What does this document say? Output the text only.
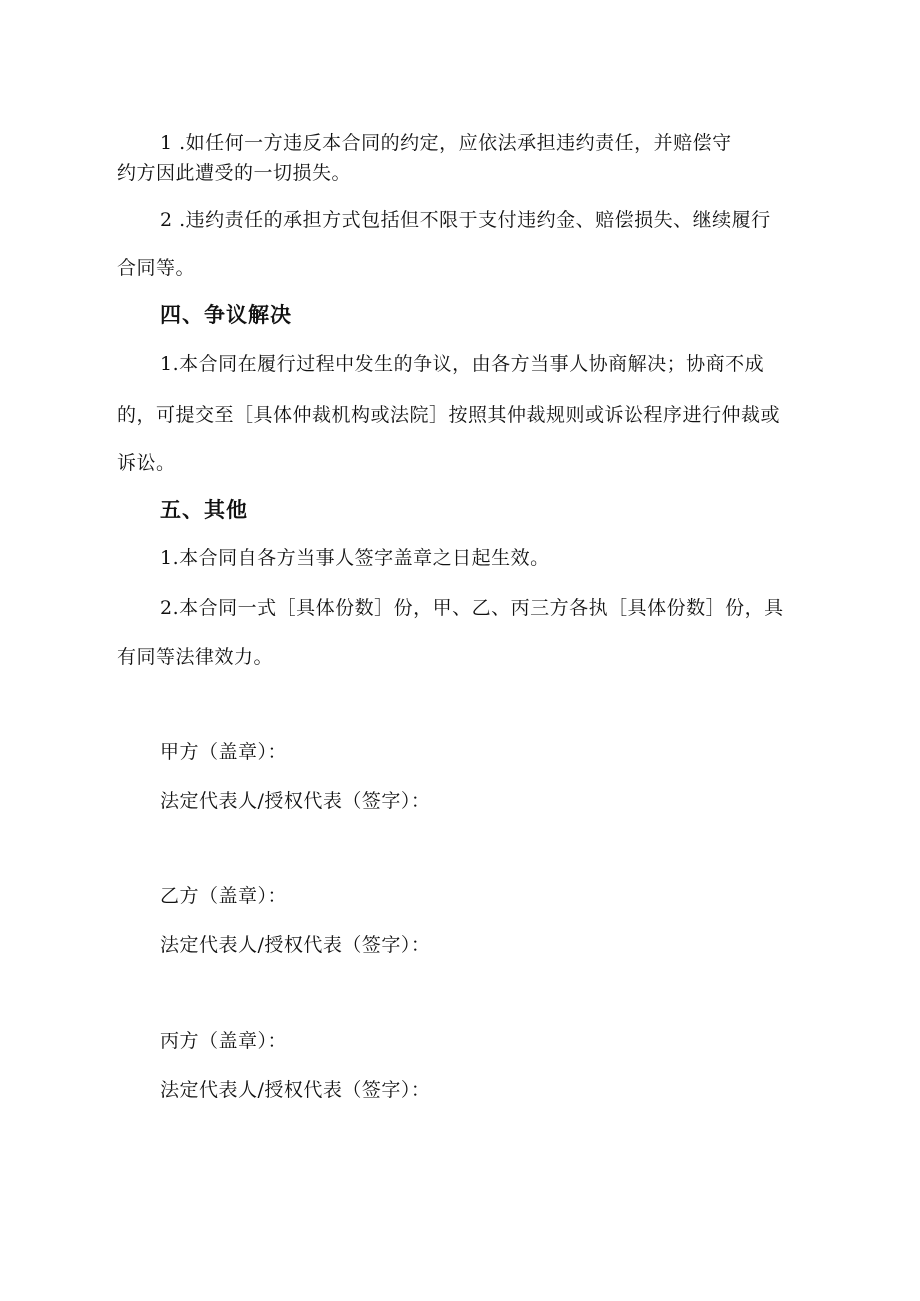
1 .如任何一方违反本合同的约定，应依法承担违约责任，并赔偿守
约方因此遭受的一切损失。
2 .违约责任的承担方式包括但不限于支付违约金、赔偿损失、继续履行
合同等。
四、争议解决
1.本合同在履行过程中发生的争议，由各方当事人协商解决；协商不成
的，可提交至［具体仲裁机构或法院］按照其仲裁规则或诉讼程序进行仲裁或
诉讼。
五、其他
1.本合同自各方当事人签字盖章之日起生效。
2.本合同一式［具体份数］份，甲、乙、丙三方各执［具体份数］份，具
有同等法律效力。
甲方（盖章）：
法定代表人/授权代表（签字）：
乙方（盖章）：
法定代表人/授权代表（签字）：
丙方（盖章）：
法定代表人/授权代表（签字）：
